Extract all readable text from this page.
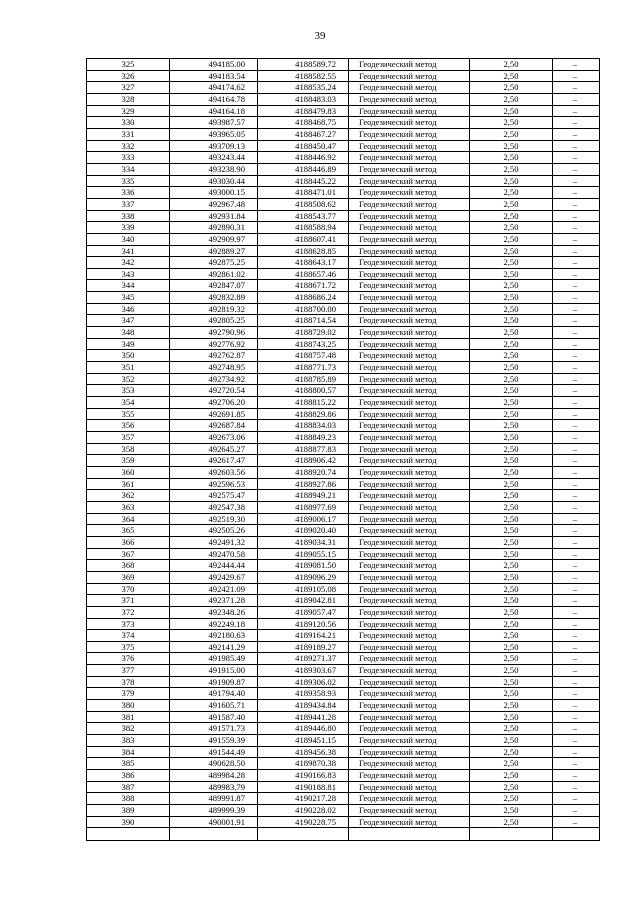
39
325	494185.00	4188589.72	Геодезический метод	2,50	–
326	494183.54	4188582.55	Геодезический метод	2,50	–
327	494174.62	4188535.24	Геодезический метод	2,50	–
328	494164.78	4188483.03	Геодезический метод	2,50	–
329	494164.18	4188479.83	Геодезический метод	2,50	–
330	493987.57	4188468.75	Геодезический метод	2,50	–
331	493965.05	4188467.27	Геодезический метод	2,50	–
332	493709.13	4188450.47	Геодезический метод	2,50	–
333	493243.44	4188446.92	Геодезический метод	2,50	–
334	493238.90	4188446.89	Геодезический метод	2,50	–
335	493030.44	4188445.22	Геодезический метод	2,50	–
336	493000.15	4188471.01	Геодезический метод	2,50	–
337	492967.48	4188508.62	Геодезический метод	2,50	–
338	492931.84	4188543.77	Геодезический метод	2,50	–
339	492890.31	4188588.94	Геодезический метод	2,50	–
340	492909.97	4188607.41	Геодезический метод	2,50	–
341	492889.27	4188628.85	Геодезический метод	2,50	–
342	492875.25	4188643.17	Геодезический метод	2,50	–
343	492861.02	4188657.46	Геодезический метод	2,50	–
344	492847.07	4188671.72	Геодезический метод	2,50	–
345	492832.89	4188686.24	Геодезический метод	2,50	–
346	492819.32	4188700.00	Геодезический метод	2,50	–
347	492805.25	4188714.54	Геодезический метод	2,50	–
348	492790.96	4188729.02	Геодезический метод	2,50	–
349	492776.92	4188743.25	Геодезический метод	2,50	–
350	492762.87	4188757.48	Геодезический метод	2,50	–
351	492748.95	4188771.73	Геодезический метод	2,50	–
352	492734.92	4188785.89	Геодезический метод	2,50	–
353	492720.54	4188800.57	Геодезический метод	2,50	–
354	492706.20	4188815.22	Геодезический метод	2,50	–
355	492691.85	4188829.86	Геодезический метод	2,50	–
356	492687.84	4188834.03	Геодезический метод	2,50	–
357	492673.06	4188849.23	Геодезический метод	2,50	–
358	492645.27	4188877.83	Геодезический метод	2,50	–
359	492617.47	4188906.42	Геодезический метод	2,50	–
360	492603.56	4188920.74	Геодезический метод	2,50	–
361	492596.53	4188927.86	Геодезический метод	2,50	–
362	492575.47	4188949.21	Геодезический метод	2,50	–
363	492547.38	4188977.69	Геодезический метод	2,50	–
364	492519.30	4189006.17	Геодезический метод	2,50	–
365	492505.26	4189020.40	Геодезический метод	2,50	–
366	492491.32	4189034.31	Геодезический метод	2,50	–
367	492470.58	4189055.15	Геодезический метод	2,50	–
368	492444.44	4189081.50	Геодезический метод	2,50	–
369	492429.67	4189096.29	Геодезический метод	2,50	–
370	492421.09	4189105.08	Геодезический метод	2,50	–
371	492371.28	4189042.81	Геодезический метод	2,50	–
372	492348.26	4189057.47	Геодезический метод	2,50	–
373	492249.18	4189120.56	Геодезический метод	2,50	–
374	492180.63	4189164.21	Геодезический метод	2,50	–
375	492141.29	4189189.27	Геодезический метод	2,50	–
376	491985.49	4189271.37	Геодезический метод	2,50	–
377	491915.00	4189303.67	Геодезический метод	2,50	–
378	491909.87	4189306.02	Геодезический метод	2,50	–
379	491794.40	4189358.93	Геодезический метод	2,50	–
380	491605.71	4189434.84	Геодезический метод	2,50	–
381	491587.40	4189441.28	Геодезический метод	2,50	–
382	491571.73	4189446.80	Геодезический метод	2,50	–
383	491559.39	4189451.15	Геодезический метод	2,50	–
384	491544.49	4189456.38	Геодезический метод	2,50	–
385	490628.50	4189870.38	Геодезический метод	2,50	–
386	489984.28	4190166.83	Геодезический метод	2,50	–
387	489983.79	4190188.81	Геодезический метод	2,50	–
388	489991.87	4190217.28	Геодезический метод	2,50	–
389	489999.39	4190228.02	Геодезический метод	2,50	–
390	490001.91	4190228.75	Геодезический метод	2,50	–
